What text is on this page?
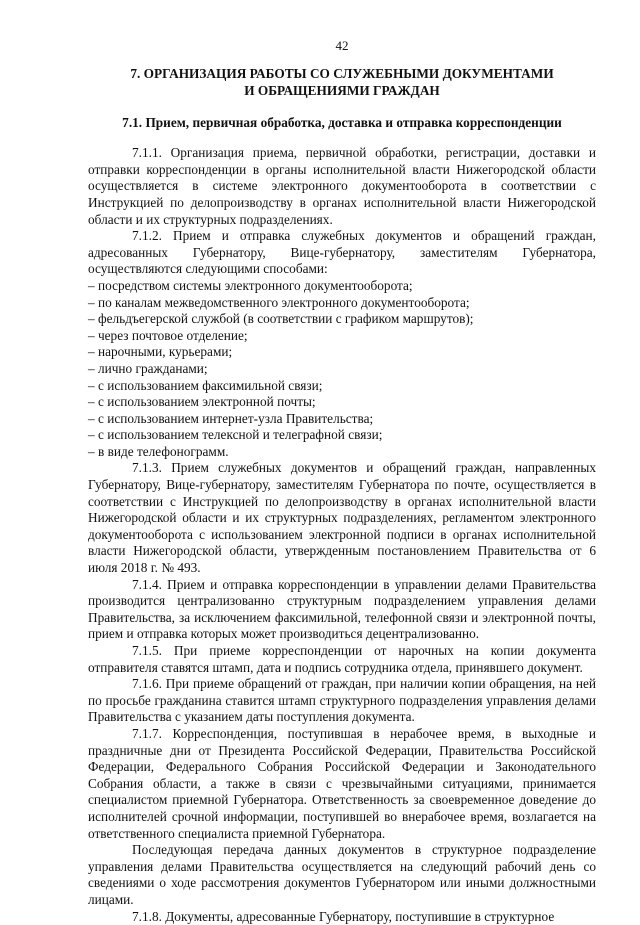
42
7. ОРГАНИЗАЦИЯ РАБОТЫ СО СЛУЖЕБНЫМИ ДОКУМЕНТАМИ
И ОБРАЩЕНИЯМИ ГРАЖДАН
7.1. Прием, первичная обработка, доставка и отправка корреспонденции

7.1.1. Организация приема, первичной обработки, регистрации, доставки и отправки корреспонденции в органы исполнительной власти Нижегородской области осуществляется в системе электронного документооборота в соответствии с Инструкцией по делопроизводству в органах исполнительной власти Нижегородской области и их структурных подразделениях.

7.1.2. Прием и отправка служебных документов и обращений граждан, адресованных Губернатору, Вице-губернатору, заместителям Губернатора, осуществляются следующими способами:

– посредством системы электронного документооборота;
– по каналам межведомственного электронного документооборота;
– фельдъегерской службой (в соответствии с графиком маршрутов);
– через почтовое отделение;
– нарочными, курьерами;
– лично гражданами;
– с использованием факсимильной связи;
– с использованием электронной почты;
– с использованием интернет-узла Правительства;
– с использованием телексной и телеграфной связи;
– в виде телефонограмм.

7.1.3. Прием служебных документов и обращений граждан, направленных Губернатору, Вице-губернатору, заместителям Губернатора по почте, осуществляется в соответствии с Инструкцией по делопроизводству в органах исполнительной власти Нижегородской области и их структурных подразделениях, регламентом электронного документооборота с использованием электронной подписи в органах исполнительной власти Нижегородской области, утвержденным постановлением Правительства от 6 июля 2018 г. № 493.

7.1.4. Прием и отправка корреспонденции в управлении делами Правительства производится централизованно структурным подразделением управления делами Правительства, за исключением факсимильной, телефонной связи и электронной почты, прием и отправка которых может производиться децентрализованно.

7.1.5. При приеме корреспонденции от нарочных на копии документа отправителя ставятся штамп, дата и подпись сотрудника отдела, принявшего документ.

7.1.6. При приеме обращений от граждан, при наличии копии обращения, на ней по просьбе гражданина ставится штамп структурного подразделения управления делами Правительства с указанием даты поступления документа.

7.1.7. Корреспонденция, поступившая в нерабочее время, в выходные и праздничные дни от Президента Российской Федерации, Правительства Российской Федерации, Федерального Собрания Российской Федерации и Законодательного Собрания области, а также в связи с чрезвычайными ситуациями, принимается специалистом приемной Губернатора. Ответственность за своевременное доведение до исполнителей срочной информации, поступившей во внерабочее время, возлагается на ответственного специалиста приемной Губернатора.

Последующая передача данных документов в структурное подразделение управления делами Правительства осуществляется на следующий рабочий день со сведениями о ходе рассмотрения документов Губернатором или иными должностными лицами.

7.1.8. Документы, адресованные Губернатору, поступившие в структурное
